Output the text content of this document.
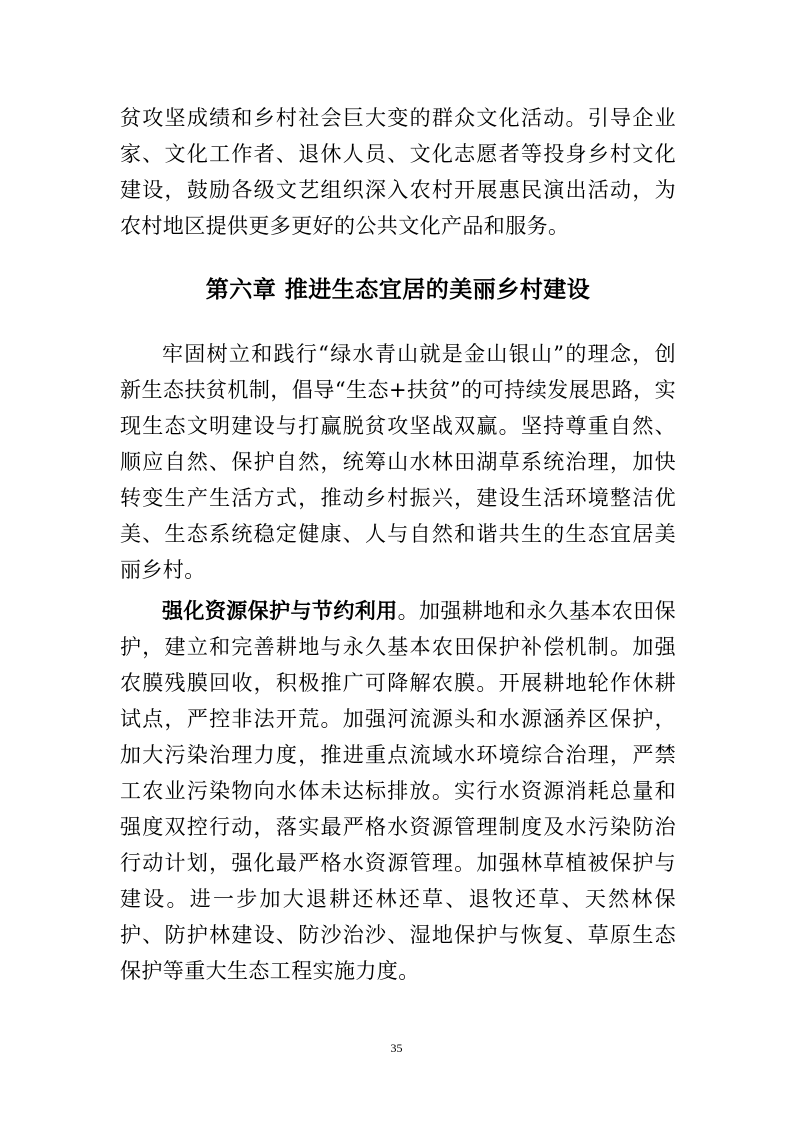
贫攻坚成绩和乡村社会巨大变的群众文化活动。引导企业家、文化工作者、退休人员、文化志愿者等投身乡村文化建设，鼓励各级文艺组织深入农村开展惠民演出活动，为农村地区提供更多更好的公共文化产品和服务。

第六章 推进生态宜居的美丽乡村建设

牢固树立和践行“绿水青山就是金山银山”的理念，创新生态扶贫机制，倡导“生态+扶贫”的可持续发展思路，实现生态文明建设与打赢脱贫攻坚战双赢。坚持尊重自然、顺应自然、保护自然，统筹山水林田湖草系统治理，加快转变生产生活方式，推动乡村振兴，建设生活环境整洁优美、生态系统稳定健康、人与自然和谐共生的生态宜居美丽乡村。

强化资源保护与节约利用。加强耕地和永久基本农田保护，建立和完善耕地与永久基本农田保护补偿机制。加强农膜残膜回收，积极推广可降解农膜。开展耕地轮作休耕试点，严控非法开荒。加强河流源头和水源涵养区保护，加大污染治理力度，推进重点流域水环境综合治理，严禁工农业污染物向水体未达标排放。实行水资源消耗总量和强度双控行动，落实最严格水资源管理制度及水污染防治行动计划，强化最严格水资源管理。加强林草植被保护与建设。进一步加大退耕还林还草、退牧还草、天然林保护、防护林建设、防沙治沙、湿地保护与恢复、草原生态保护等重大生态工程实施力度。

35
